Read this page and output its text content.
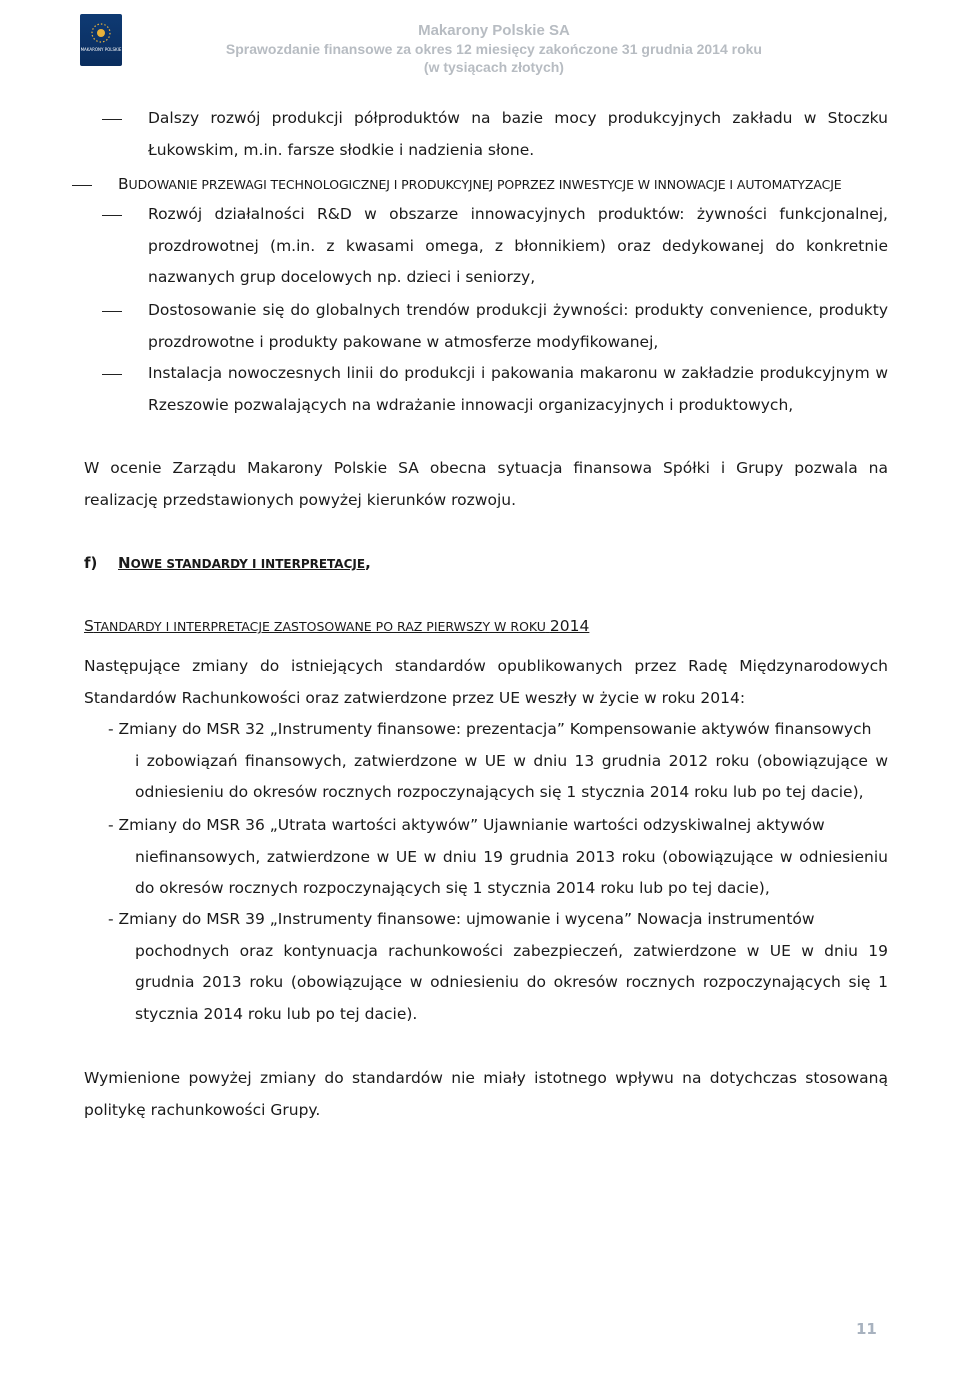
MAKARONY POLSKIE
Makarony Polskie SA
Sprawozdanie finansowe za okres 12 miesięcy zakończone 31 grudnia 2014 roku
(w tysiącach złotych)
Dalszy rozwój produkcji półproduktów na bazie mocy produkcyjnych zakładu w Stoczku Łukowskim, m.in. farsze słodkie i nadzienia słone.
BUDOWANIE PRZEWAGI TECHNOLOGICZNEJ I PRODUKCYJNEJ POPRZEZ INWESTYCJE W INNOWACJE I AUTOMATYZACJE
Rozwój działalności R&D w obszarze innowacyjnych produktów: żywności funkcjonalnej, prozdrowotnej (m.in. z kwasami omega, z błonnikiem) oraz dedykowanej do konkretnie nazwanych grup docelowych np. dzieci i seniorzy,
Dostosowanie się do globalnych trendów produkcji żywności: produkty convenience, produkty prozdrowotne i produkty pakowane w atmosferze modyfikowanej,
Instalacja nowoczesnych linii do produkcji i pakowania makaronu w zakładzie produkcyjnym w Rzeszowie pozwalających na wdrażanie innowacji organizacyjnych i produktowych,
W ocenie Zarządu Makarony Polskie SA obecna sytuacja finansowa Spółki i Grupy pozwala na realizację przedstawionych powyżej kierunków rozwoju.
f) NOWE STANDARDY I INTERPRETACJE,
STANDARDY I INTERPRETACJE ZASTOSOWANE PO RAZ PIERWSZY W ROKU 2014
Następujące zmiany do istniejących standardów opublikowanych przez Radę Międzynarodowych Standardów Rachunkowości oraz zatwierdzone przez UE weszły w życie w roku 2014:
- Zmiany do MSR 32 „Instrumenty finansowe: prezentacja” Kompensowanie aktywów finansowych
i zobowiązań finansowych, zatwierdzone w UE w dniu 13 grudnia 2012 roku (obowiązujące w odniesieniu do okresów rocznych rozpoczynających się 1 stycznia 2014 roku lub po tej dacie),
- Zmiany do MSR 36 „Utrata wartości aktywów” Ujawnianie wartości odzyskiwalnej aktywów
niefinansowych, zatwierdzone w UE w dniu 19 grudnia 2013 roku (obowiązujące w odniesieniu do okresów rocznych rozpoczynających się 1 stycznia 2014 roku lub po tej dacie),
- Zmiany do MSR 39 „Instrumenty finansowe: ujmowanie i wycena” Nowacja instrumentów
pochodnych oraz kontynuacja rachunkowości zabezpieczeń, zatwierdzone w UE w dniu 19 grudnia 2013 roku (obowiązujące w odniesieniu do okresów rocznych rozpoczynających się 1 stycznia 2014 roku lub po tej dacie).
Wymienione powyżej zmiany do standardów nie miały istotnego wpływu na dotychczas stosowaną politykę rachunkowości Grupy.
11
